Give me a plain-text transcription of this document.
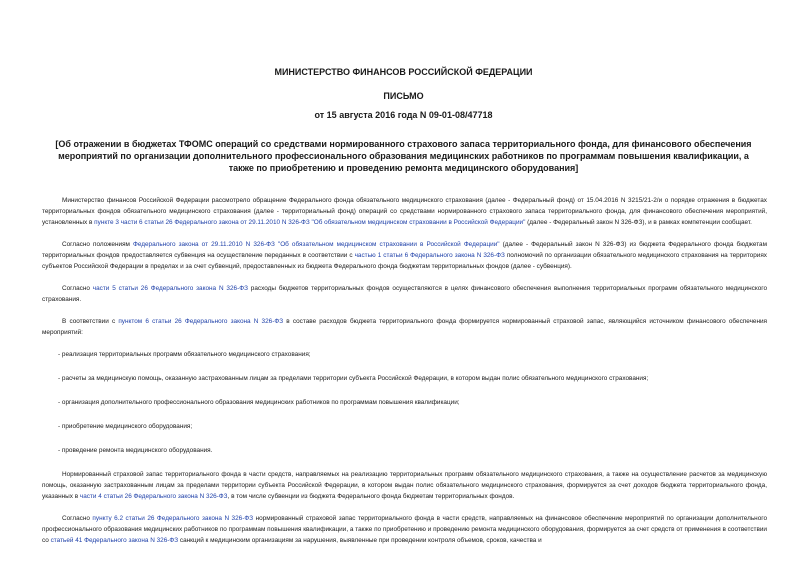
МИНИСТЕРСТВО ФИНАНСОВ РОССИЙСКОЙ ФЕДЕРАЦИИ
ПИСЬМО
от 15 августа 2016 года N 09-01-08/47718
[Об отражении в бюджетах ТФОМС операций со средствами нормированного страхового запаса территориального фонда, для финансового обеспечения мероприятий по организации дополнительного профессионального образования медицинских работников по программам повышения квалификации, а также по приобретению и проведению ремонта медицинского оборудования]

Министерство финансов Российской Федерации рассмотрело обращение Федерального фонда обязательного медицинского страхования (далее - Федеральный фонд) от 15.04.2016 N 3215/21-2/и о порядке отражения в бюджетах территориальных фондов обязательного медицинского страхования (далее - территориальный фонд) операций со средствами нормированного страхового запаса территориального фонда, для финансового обеспечения мероприятий, установленных в пункте 3 части 6 статьи 26 Федерального закона от 29.11.2010 N 326-ФЗ "Об обязательном медицинском страховании в Российской Федерации" (далее - Федеральный закон N 326-ФЗ), и в рамках компетенции сообщает.

Согласно положениям Федерального закона от 29.11.2010 N 326-ФЗ "Об обязательном медицинском страховании в Российской Федерации" (далее - Федеральный закон N 326-ФЗ) из бюджета Федерального фонда бюджетам территориальных фондов предоставляется субвенция на осуществление переданных в соответствии с частью 1 статьи 6 Федерального закона N 326-ФЗ полномочий по организации обязательного медицинского страхования на территориях субъектов Российской Федерации в пределах и за счет субвенций, предоставленных из бюджета Федерального фонда бюджетам территориальных фондов (далее - субвенция).

Согласно части 5 статьи 26 Федерального закона N 326-ФЗ расходы бюджетов территориальных фондов осуществляются в целях финансового обеспечения выполнения территориальных программ обязательного медицинского страхования.

В соответствии с пунктом 6 статьи 26 Федерального закона N 326-ФЗ в составе расходов бюджета территориального фонда формируется нормированный страховой запас, являющийся источником финансового обеспечения мероприятий:

- реализация территориальных программ обязательного медицинского страхования;
- расчеты за медицинскую помощь, оказанную застрахованным лицам за пределами территории субъекта Российской Федерации, в котором выдан полис обязательного медицинского страхования;
- организация дополнительного профессионального образования медицинских работников по программам повышения квалификации;
- приобретение медицинского оборудования;
- проведение ремонта медицинского оборудования.

Нормированный страховой запас территориального фонда в части средств, направляемых на реализацию территориальных программ обязательного медицинского страхования, а также на осуществление расчетов за медицинскую помощь, оказанную застрахованным лицам за пределами территории субъекта Российской Федерации, в котором выдан полис обязательного медицинского страхования, формируется за счет доходов бюджета территориального фонда, указанных в части 4 статьи 26 Федерального закона N 326-ФЗ, в том числе субвенции из бюджета Федерального фонда бюджетам территориальных фондов.

Согласно пункту 6.2 статьи 26 Федерального закона N 326-ФЗ нормированный страховой запас территориального фонда в части средств, направляемых на финансовое обеспечение мероприятий по организации дополнительного профессионального образования медицинских работников по программам повышения квалификации, а также по приобретению и проведению ремонта медицинского оборудования, формируется за счет средств от применения в соответствии со статьей 41 Федерального закона N 326-ФЗ санкций к медицинским организациям за нарушения, выявленные при проведении контроля объемов, сроков, качества и
